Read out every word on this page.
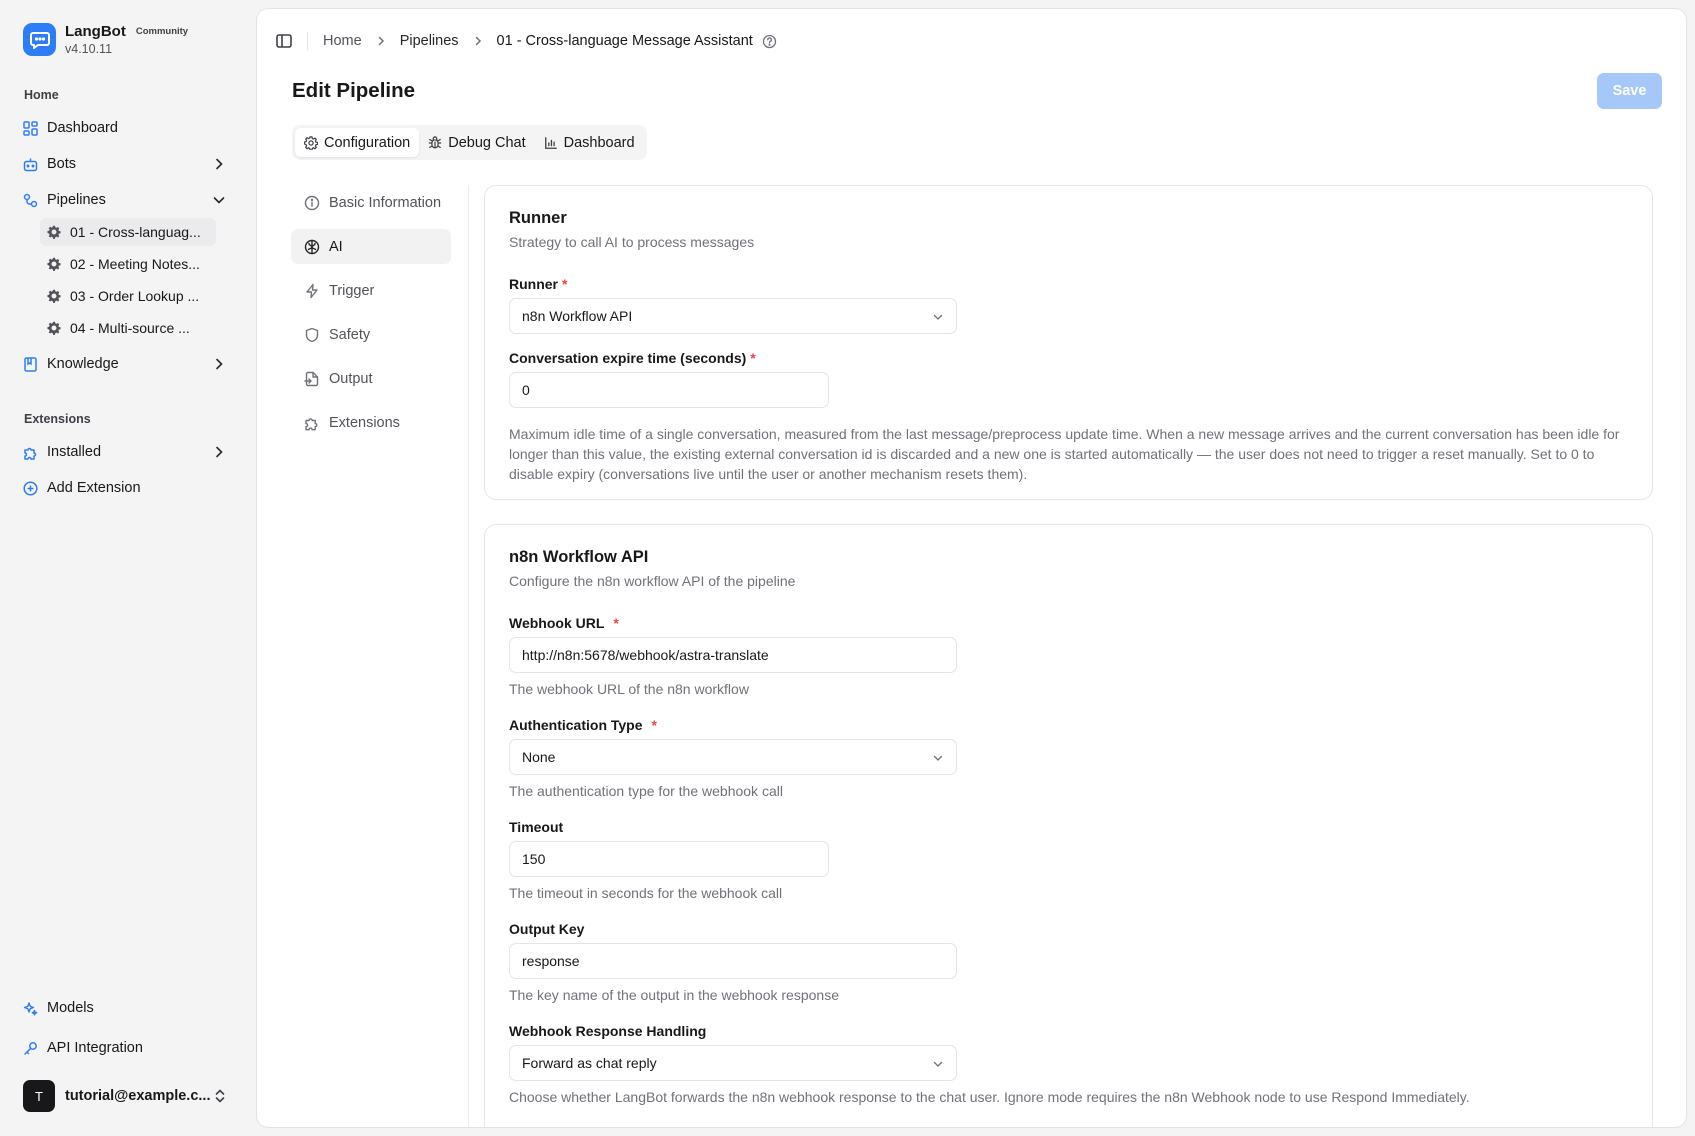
LangBot Community
v4.10.11
Home
Dashboard
Bots
Pipelines
01 - Cross-languag...
02 - Meeting Notes...
03 - Order Lookup ...
04 - Multi-source ...
Knowledge
Extensions
Installed
Add Extension
Models
API Integration
T	tutorial@example.c...
Home	Pipelines	01 - Cross-language Message Assistant
Edit Pipeline	Save
Configuration	Debug Chat	Dashboard
Basic Information
AI
Trigger
Safety
Output
Extensions
Runner
Strategy to call AI to process messages
Runner *
n8n Workflow API
Conversation expire time (seconds) *
0
Maximum idle time of a single conversation, measured from the last message/preprocess update time. When a new message arrives and the current conversation has been idle for longer than this value, the existing external conversation id is discarded and a new one is started automatically — the user does not need to trigger a reset manually. Set to 0 to disable expiry (conversations live until the user or another mechanism resets them).
n8n Workflow API
Configure the n8n workflow API of the pipeline
Webhook URL *
http://n8n:5678/webhook/astra-translate
The webhook URL of the n8n workflow
Authentication Type *
None
The authentication type for the webhook call
Timeout
150
The timeout in seconds for the webhook call
Output Key
response
The key name of the output in the webhook response
Webhook Response Handling
Forward as chat reply
Choose whether LangBot forwards the n8n webhook response to the chat user. Ignore mode requires the n8n Webhook node to use Respond Immediately.
